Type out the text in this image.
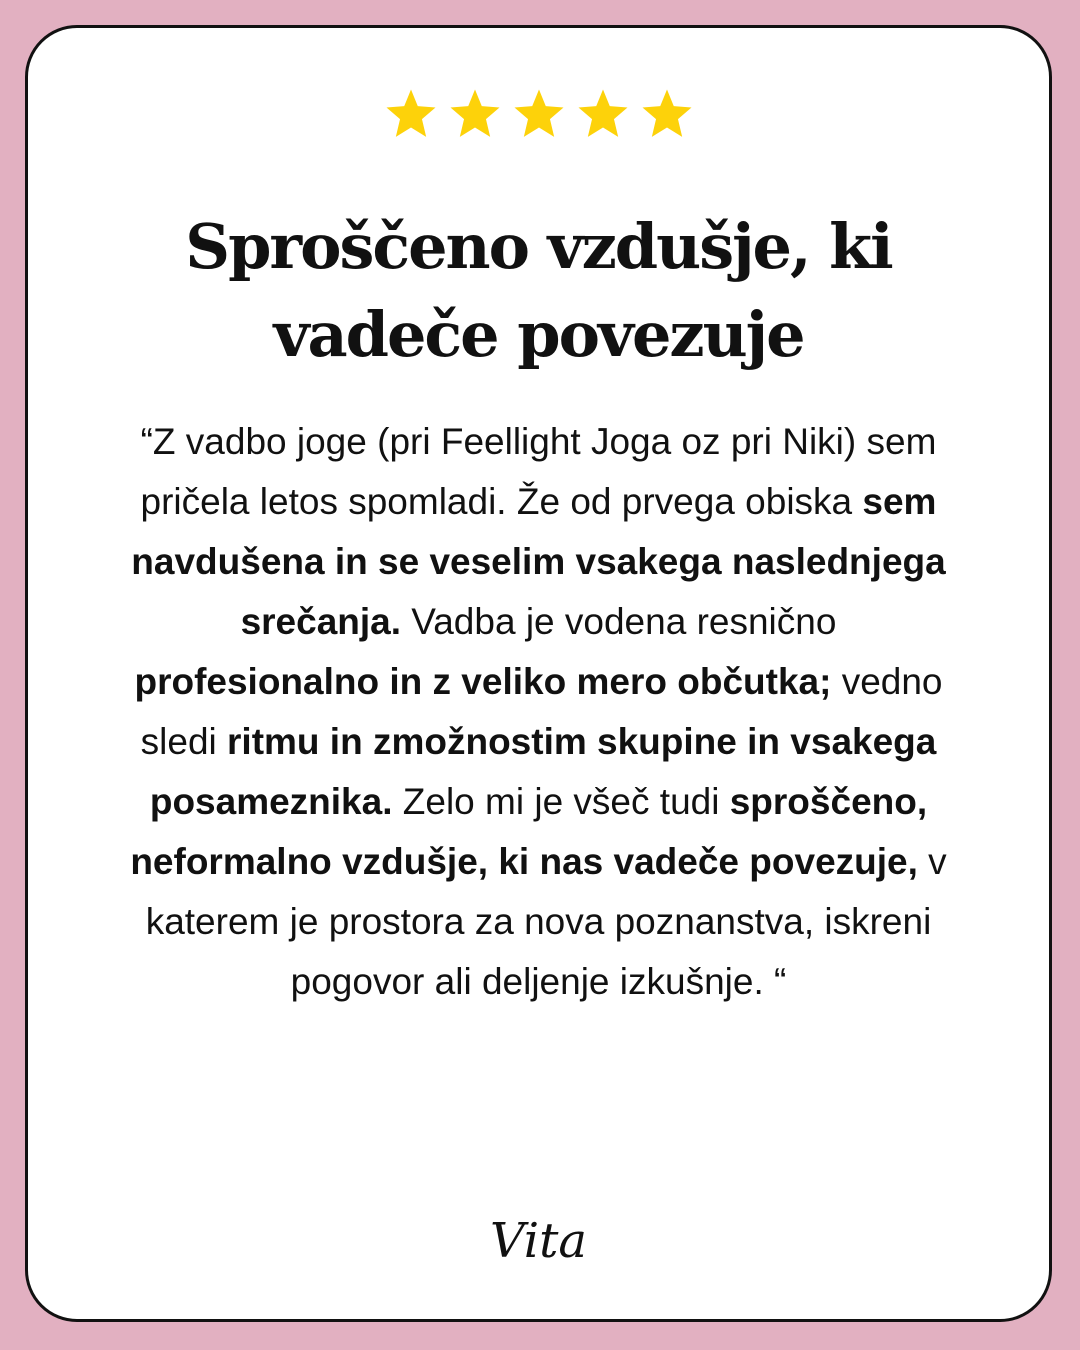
Sproščeno vzdušje, ki
vadeče povezuje

“Z vadbo joge (pri Feellight Joga oz pri Niki) sem pričela letos spomladi. Že od prvega obiska sem navdušena in se veselim vsakega naslednjega srečanja. Vadba je vodena resnično profesionalno in z veliko mero občutka; vedno sledi ritmu in zmožnostim skupine in vsakega posameznika. Zelo mi je všeč tudi sproščeno, neformalno vzdušje, ki nas vadeče povezuje, v katerem je prostora za nova poznanstva, iskreni pogovor ali deljenje izkušnje. “

Vita
